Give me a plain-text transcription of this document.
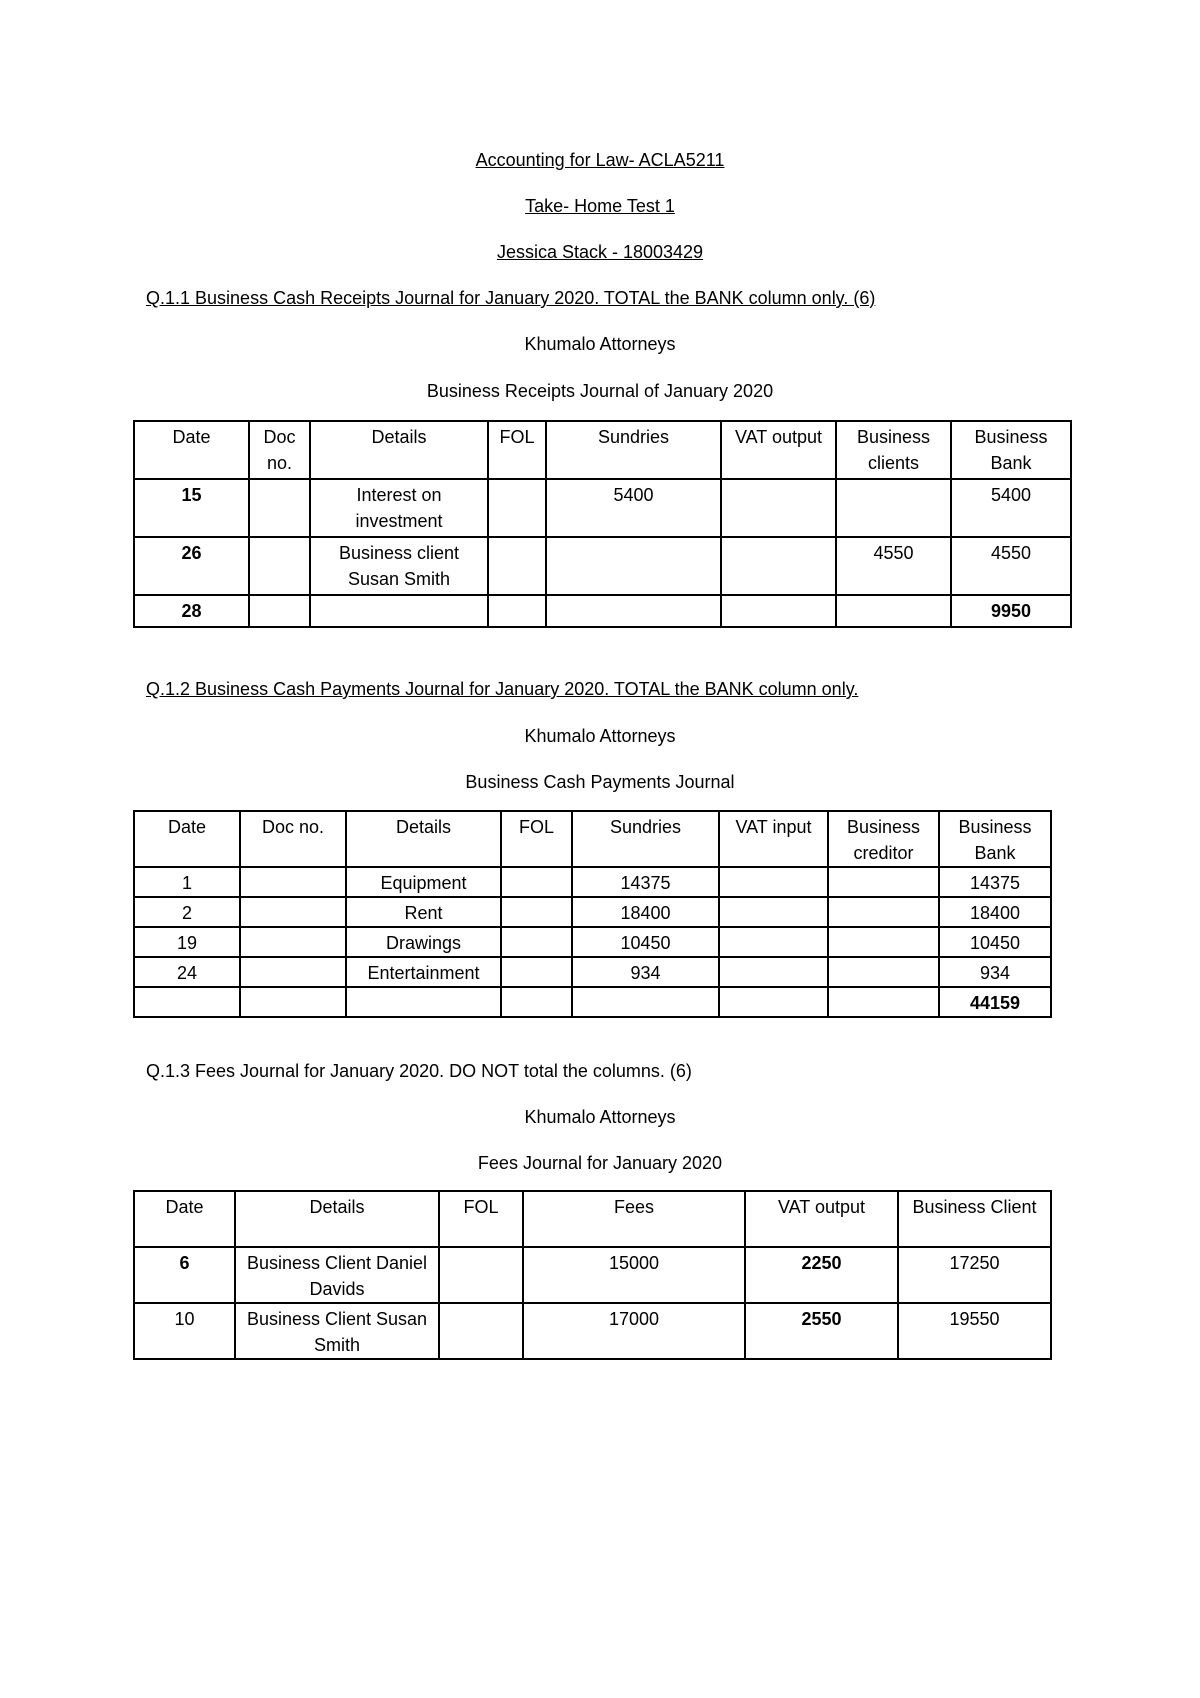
Accounting for Law- ACLA5211
Take- Home Test 1
Jessica Stack - 18003429
Q.1.1 Business Cash Receipts Journal for January 2020. TOTAL the BANK column only. (6)
Khumalo Attorneys
Business Receipts Journal of January 2020
Date	Doc no.	Details	FOL	Sundries	VAT output	Business clients	Business Bank
15		Interest on investment		5400			5400
26		Business client Susan Smith				4550	4550
28							9950
Q.1.2 Business Cash Payments Journal for January 2020. TOTAL the BANK column only.
Khumalo Attorneys
Business Cash Payments Journal
Date	Doc no.	Details	FOL	Sundries	VAT input	Business creditor	Business Bank
1		Equipment		14375			14375
2		Rent		18400			18400
19		Drawings		10450			10450
24		Entertainment		934			934
							44159
Q.1.3 Fees Journal for January 2020. DO NOT total the columns. (6)
Khumalo Attorneys
Fees Journal for January 2020
Date	Details	FOL	Fees	VAT output	Business Client
6	Business Client Daniel Davids		15000	2250	17250
10	Business Client Susan Smith		17000	2550	19550
